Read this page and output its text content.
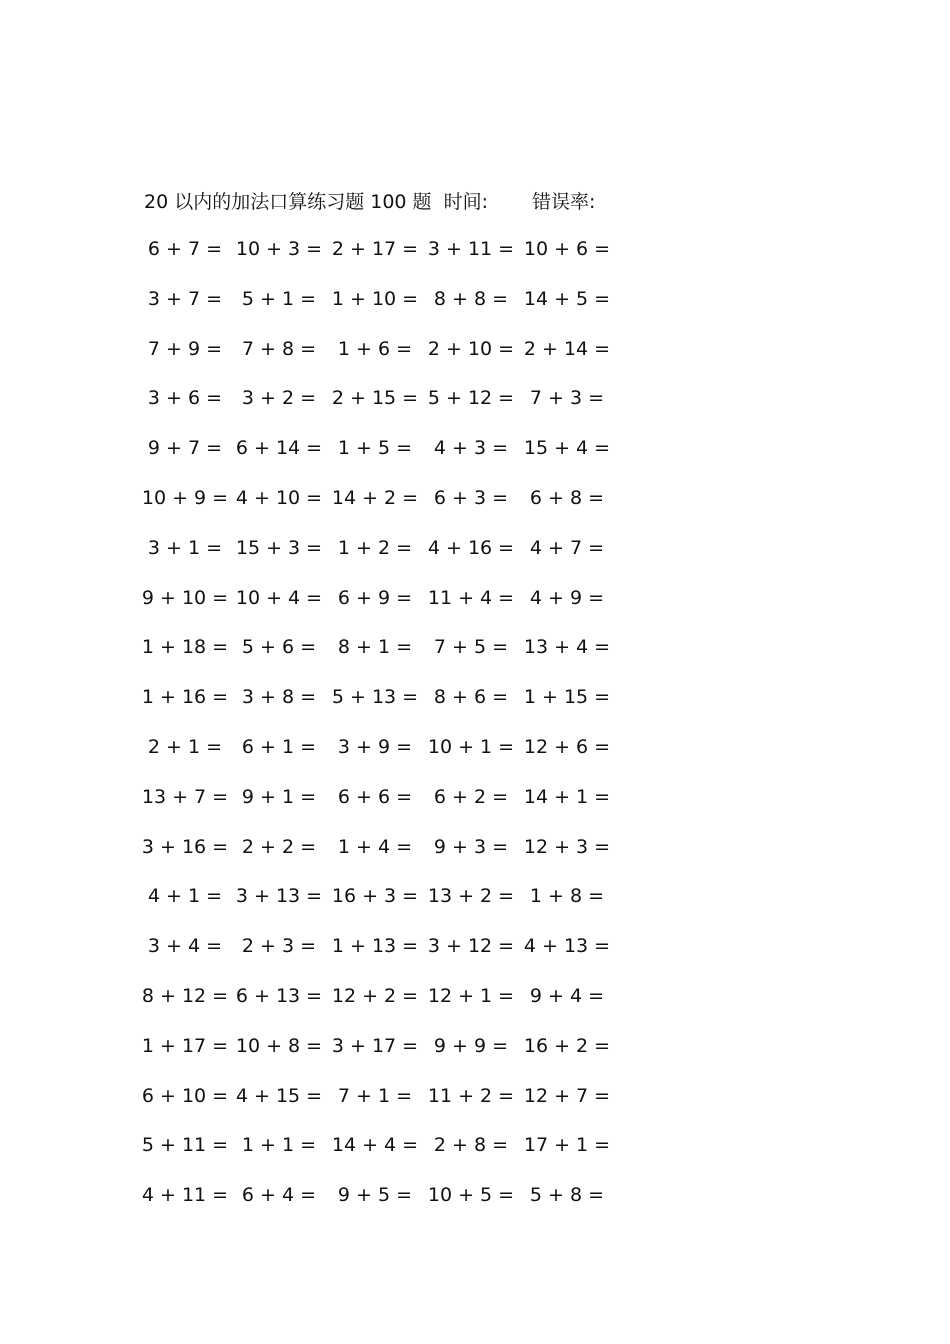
20 以内的加法口算练习题 100 题 时间: 错误率:
6 + 7 = 10 + 3 = 2 + 17 = 3 + 11 = 10 + 6 =
3 + 7 =	5 + 1 = 1 + 10 = 8 + 8 = 14 + 5 =
7 + 9 =	7 + 8 =	1 + 6 = 2 + 10 = 2 + 14 =
3 + 6 =	3 + 2 = 2 + 15 = 5 + 12 = 7 + 3 =
9 + 7 = 6 + 14 = 1 + 5 =	4 + 3 = 15 + 4 =
10 + 9 = 4 + 10 = 14 + 2 = 6 + 3 =	6 + 8 =
3 + 1 = 15 + 3 = 1 + 2 = 4 + 16 = 4 + 7 =
9 + 10 = 10 + 4 = 6 + 9 = 11 + 4 = 4 + 9 =
1 + 18 = 5 + 6 =	8 + 1 =	7 + 5 = 13 + 4 =
1 + 16 = 3 + 8 = 5 + 13 = 8 + 6 = 1 + 15 =
2 + 1 =	6 + 1 =	3 + 9 = 10 + 1 = 12 + 6 =
13 + 7 = 9 + 1 =	6 + 6 =	6 + 2 = 14 + 1 =
3 + 16 = 2 + 2 =	1 + 4 =	9 + 3 = 12 + 3 =
4 + 1 = 3 + 13 = 16 + 3 = 13 + 2 = 1 + 8 =
3 + 4 =	2 + 3 = 1 + 13 = 3 + 12 = 4 + 13 =
8 + 12 = 6 + 13 = 12 + 2 = 12 + 1 = 9 + 4 =
1 + 17 = 10 + 8 = 3 + 17 = 9 + 9 = 16 + 2 =
6 + 10 = 4 + 15 = 7 + 1 = 11 + 2 = 12 + 7 =
5 + 11 = 1 + 1 = 14 + 4 = 2 + 8 = 17 + 1 =
4 + 11 = 6 + 4 =	9 + 5 = 10 + 5 = 5 + 8 =
